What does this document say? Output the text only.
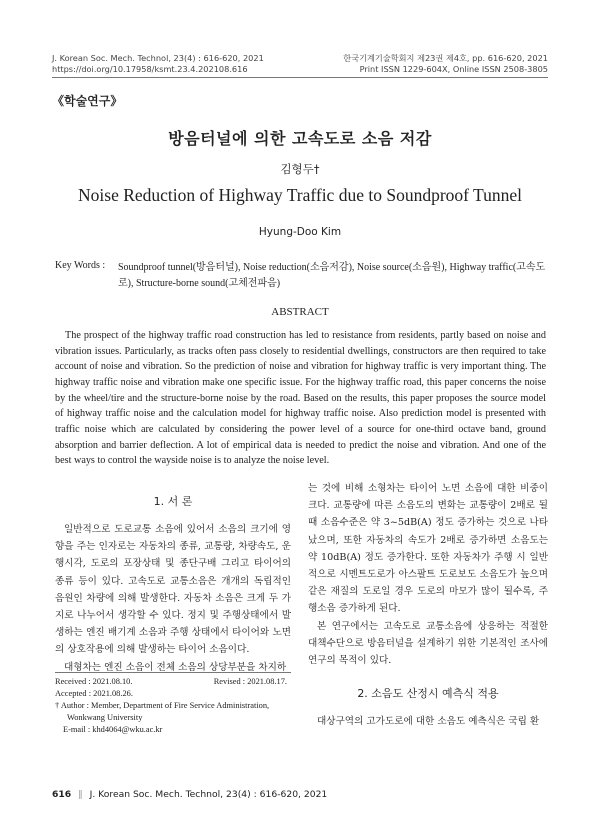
J. Korean Soc. Mech. Technol, 23(4) : 616-620, 2021
https://doi.org/10.17958/ksmt.23.4.202108.616
한국기계기술학회지 제23권 제4호, pp. 616-620, 2021
Print ISSN 1229-604X, Online ISSN 2508-3805
《학술연구》
방음터널에 의한 고속도로 소음 저감
김형두†
Noise Reduction of Highway Traffic due to Soundproof Tunnel
Hyung-Doo Kim
Key Words : Soundproof tunnel(방음터널), Noise reduction(소음저감), Noise source(소음원), Highway traffic(고속도로), Structure-borne sound(고체전파음)
ABSTRACT
The prospect of the highway traffic road construction has led to resistance from residents, partly based on noise and vibration issues. Particularly, as tracks often pass closely to residential dwellings, constructors are then required to take account of noise and vibration. So the prediction of noise and vibration for highway traffic is very important thing. The highway traffic noise and vibration make one specific issue. For the highway traffic road, this paper concerns the noise by the wheel/tire and the structure-borne noise by the road. Based on the results, this paper proposes the source model of highway traffic noise and the calculation model for highway traffic noise. Also prediction model is presented with traffic noise which are calculated by considering the power level of a source for one-third octave band, ground absorption and barrier deflection. A lot of empirical data is needed to predict the noise and vibration. And one of the best ways to control the wayside noise is to analyze the noise level.
1. 서 론

일반적으로 도로교통 소음에 있어서 소음의 크기에 영향을 주는 인자로는 자동차의 종류, 교통량, 차량속도, 운행시각, 도로의 포장상태 및 종단구배 그리고 타이어의 종류 등이 있다. 고속도로 교통소음은 개개의 독립적인 음원인 차량에 의해 발생한다. 자동차 소음은 크게 두 가지로 나누어서 생각할 수 있다. 정지 및 주행상태에서 발생하는 엔진 배기계 소음과 주행 상태에서 타이어와 노면의 상호작용에 의해 발생하는 타이어 소음이다.

대형차는 엔진 소음이 전체 소음의 상당부분을 차지하

Received : 2021.08.10.	Revised : 2021.08.17.
Accepted : 2021.08.26.
† Author : Member, Department of Fire Service Administration,
Wonkwang University
E-mail : khd4064@wku.ac.kr

는 것에 비해 소형차는 타이어 노면 소음에 대한 비중이 크다. 교통량에 따른 소음도의 변화는 교통량이 2배로 될 때 소음수준은 약 3~5dB(A) 정도 증가하는 것으로 나타났으며, 또한 자동차의 속도가 2배로 증가하면 소음도는 약 10dB(A) 정도 증가한다. 또한 자동차가 주행 시 일반적으로 시멘트도로가 아스팔트 도로보도 소음도가 높으며 같은 재질의 도로일 경우 도로의 마모가 많이 될수록, 주행소음 증가하게 된다.

본 연구에서는 고속도로 교통소음에 상응하는 적절한 대책수단으로 방음터널을 설계하기 위한 기본적인 조사에 연구의 목적이 있다.

2. 소음도 산정시 예측식 적용

대상구역의 고가도로에 대한 소음도 예측식은 국립 환

616 ‖ J. Korean Soc. Mech. Technol, 23(4) : 616-620, 2021
